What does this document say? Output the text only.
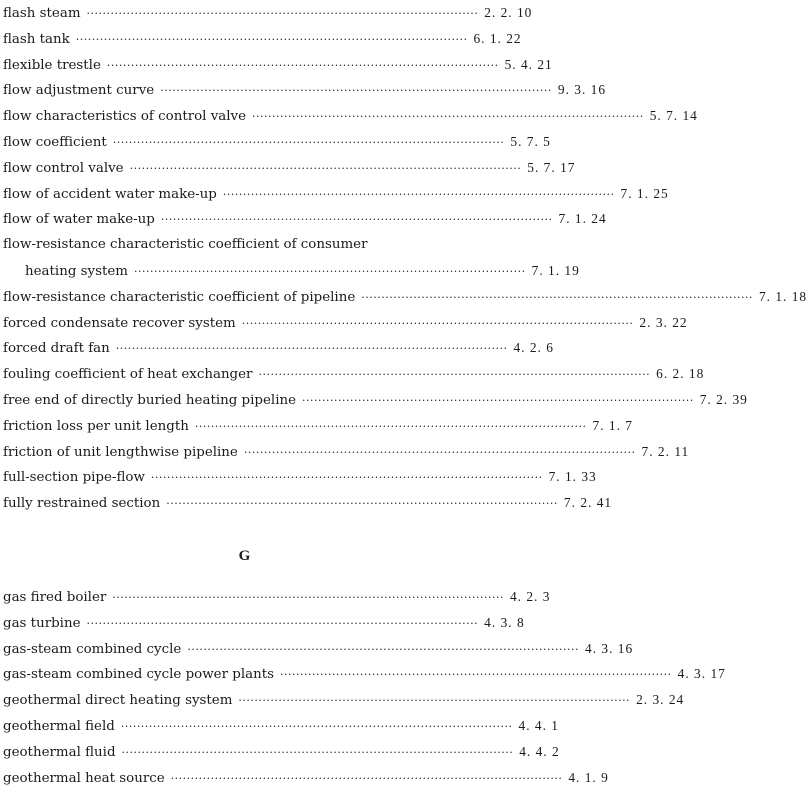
flash steam ·································································································· 2. 2. 10
flash tank ·································································································· 6. 1. 22
flexible trestle ·································································································· 5. 4. 21
flow adjustment curve ·································································································· 9. 3. 16
flow characteristics of control valve ·································································································· 5. 7. 14
flow coefficient ·································································································· 5. 7. 5
flow control valve ·································································································· 5. 7. 17
flow of accident water make-up ·································································································· 7. 1. 25
flow of water make-up ·································································································· 7. 1. 24
flow-resistance characteristic coefficient of consumer
heating system ·································································································· 7. 1. 19
flow-resistance characteristic coefficient of pipeline ·································································································· 7. 1. 18
forced condensate recover system ·································································································· 2. 3. 22
forced draft fan ·································································································· 4. 2. 6
fouling coefficient of heat exchanger ·································································································· 6. 2. 18
free end of directly buried heating pipeline ·································································································· 7. 2. 39
friction loss per unit length ·································································································· 7. 1. 7
friction of unit lengthwise pipeline ·································································································· 7. 2. 11
full-section pipe-flow ·································································································· 7. 1. 33
fully restrained section ·································································································· 7. 2. 41
G
gas fired boiler ·································································································· 4. 2. 3
gas turbine ·································································································· 4. 3. 8
gas-steam combined cycle ·································································································· 4. 3. 16
gas-steam combined cycle power plants ·································································································· 4. 3. 17
geothermal direct heating system ·································································································· 2. 3. 24
geothermal field ·································································································· 4. 4. 1
geothermal fluid ·································································································· 4. 4. 2
geothermal heat source ·································································································· 4. 1. 9
